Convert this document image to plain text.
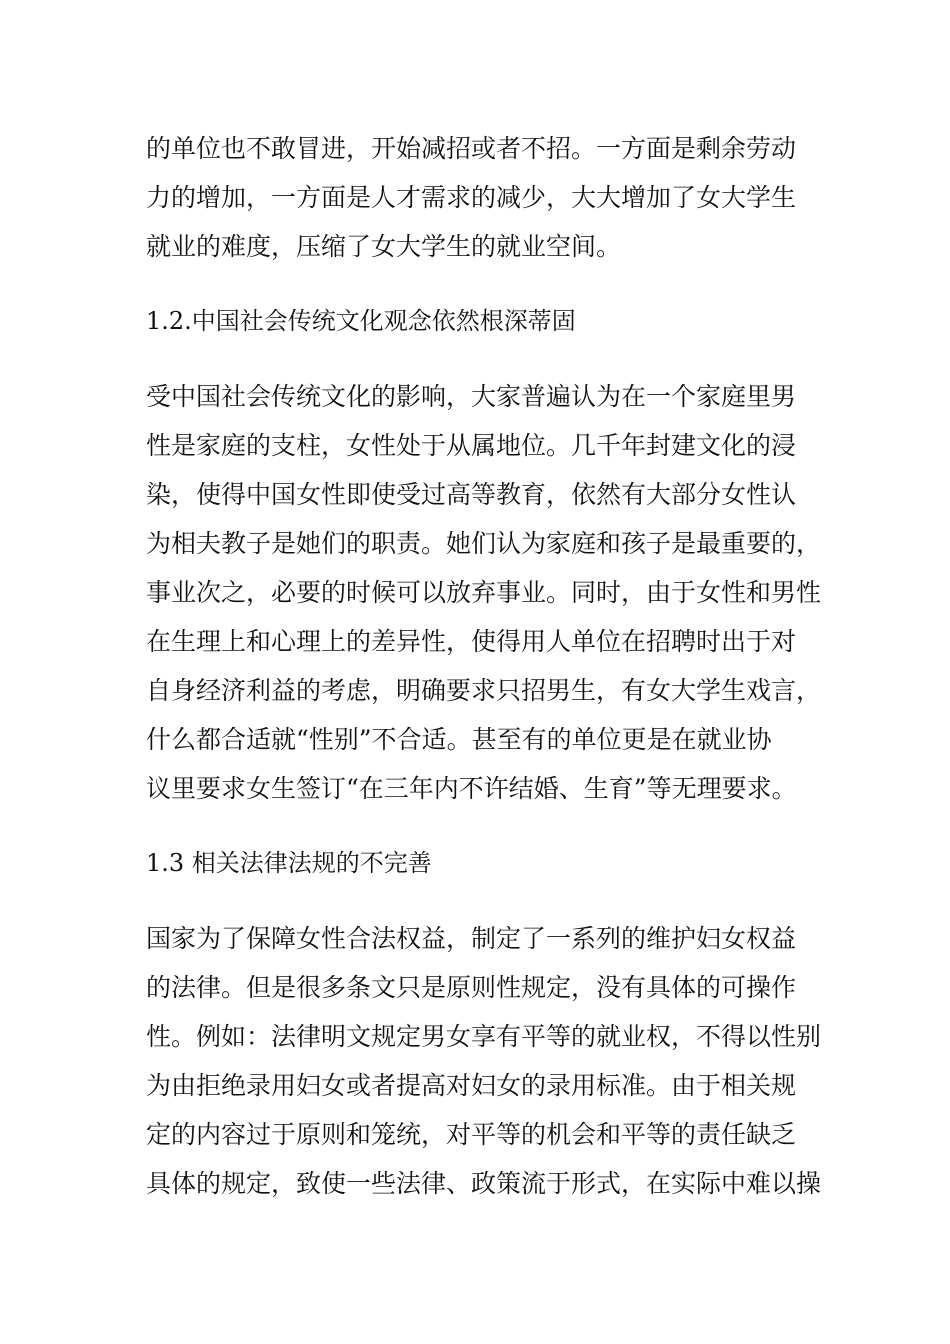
的单位也不敢冒进，开始减招或者不招。一方面是剩余劳动
力的增加，一方面是人才需求的减少，大大增加了女大学生
就业的难度，压缩了女大学生的就业空间。

1.2.中国社会传统文化观念依然根深蒂固

受中国社会传统文化的影响，大家普遍认为在一个家庭里男
性是家庭的支柱，女性处于从属地位。几千年封建文化的浸
染，使得中国女性即使受过高等教育，依然有大部分女性认
为相夫教子是她们的职责。她们认为家庭和孩子是最重要的，
事业次之，必要的时候可以放弃事业。同时，由于女性和男性
在生理上和心理上的差异性，使得用人单位在招聘时出于对
自身经济利益的考虑，明确要求只招男生，有女大学生戏言，
什么都合适就“性别”不合适。甚至有的单位更是在就业协
议里要求女生签订“在三年内不许结婚、生育”等无理要求。

1.3 相关法律法规的不完善

国家为了保障女性合法权益，制定了一系列的维护妇女权益
的法律。但是很多条文只是原则性规定，没有具体的可操作
性。例如：法律明文规定男女享有平等的就业权，不得以性别
为由拒绝录用妇女或者提高对妇女的录用标准。由于相关规
定的内容过于原则和笼统，对平等的机会和平等的责任缺乏
具体的规定，致使一些法律、政策流于形式，在实际中难以操
